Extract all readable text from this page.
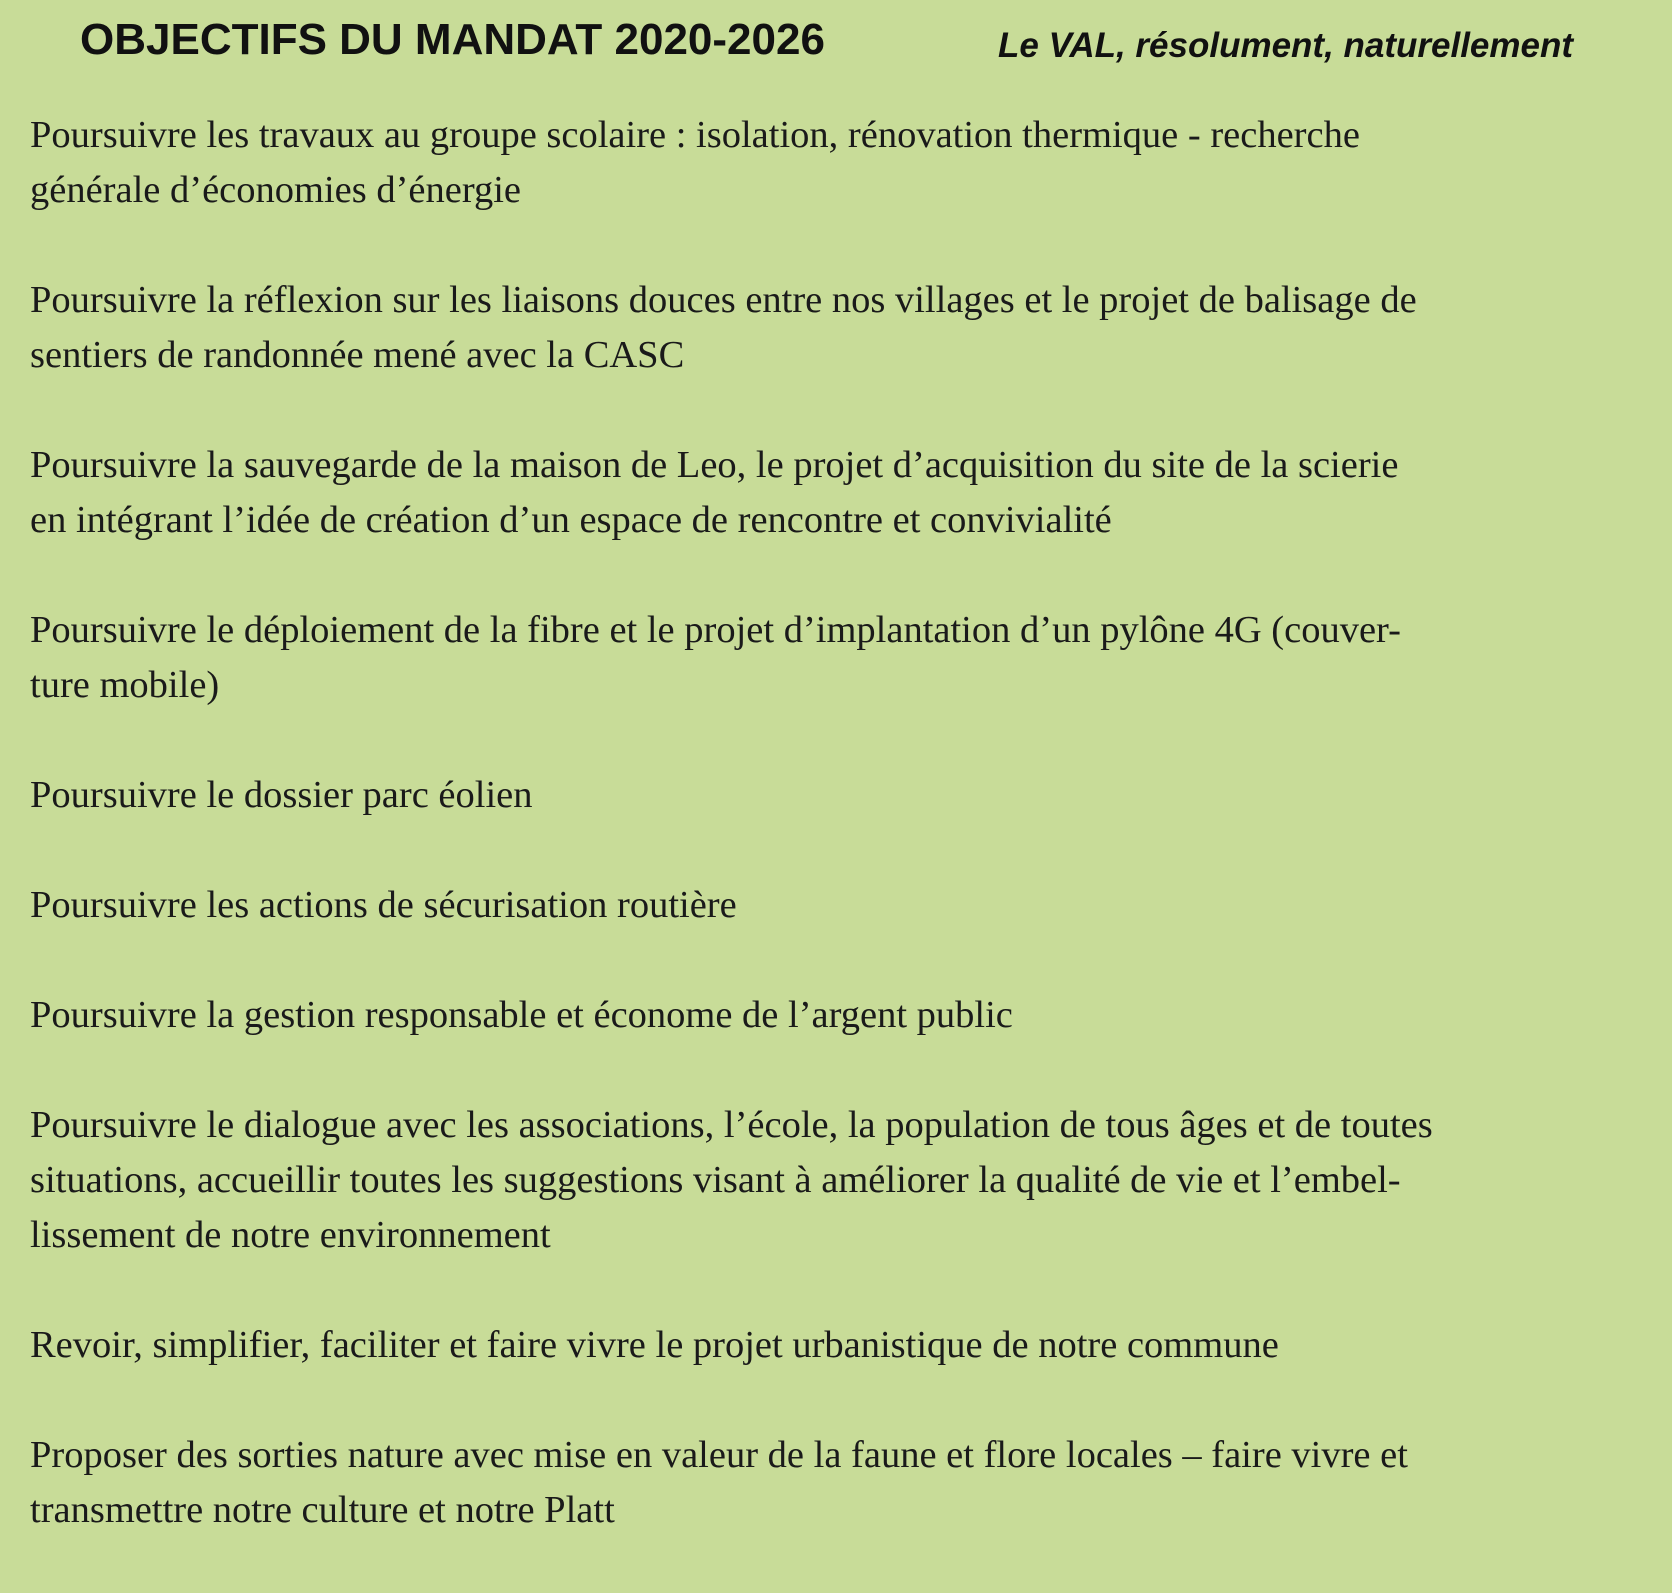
OBJECTIFS DU MANDAT 2020-2026	Le VAL, résolument, naturellement
Poursuivre les travaux au groupe scolaire : isolation, rénovation thermique - recherche
générale d’économies d’énergie
Poursuivre la réflexion sur les liaisons douces entre nos villages et le projet de balisage de
sentiers de randonnée mené avec la CASC
Poursuivre la sauvegarde de la maison de Leo, le projet d’acquisition du site de la scierie
en intégrant l’idée de création d’un espace de rencontre et convivialité
Poursuivre le déploiement de la fibre et le projet d’implantation d’un pylône 4G (couver-
ture mobile)
Poursuivre le dossier parc éolien
Poursuivre les actions de sécurisation routière
Poursuivre la gestion responsable et économe de l’argent public
Poursuivre le dialogue avec les associations, l’école, la population de tous âges et de toutes
situations, accueillir toutes les suggestions visant à améliorer la qualité de vie et l’embel-
lissement de notre environnement
Revoir, simplifier, faciliter et faire vivre le projet urbanistique de notre commune
Proposer des sorties nature avec mise en valeur de la faune et flore locales – faire vivre et
transmettre notre culture et notre Platt
